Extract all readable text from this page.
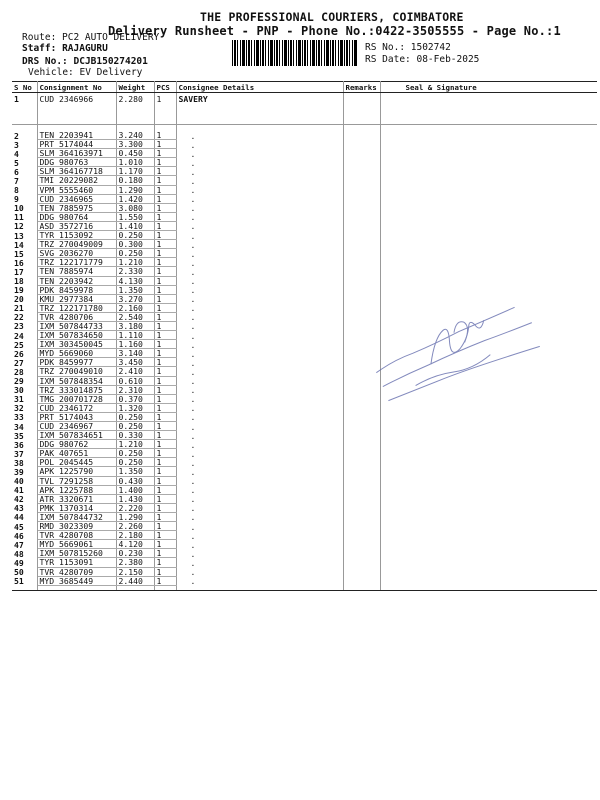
THE PROFESSIONAL COURIERS, COIMBATORE
Delivery Runsheet - PNP - Phone No.:0422-3505555 - Page No.:1
Route: PC2 AUTO DELIVERY
Staff: RAJAGURU
DRS No.: DCJB150274201
Vehicle: EV Delivery
RS No.: 1502742
RS Date: 08-Feb-2025
S No	Consignment No	Weight	PCS	Consignee Details	Remarks	Seal & Signature
1	CUD 2346966	2.280	1	SAVERY		

2	TEN 2203941	3.240	1	.		
3	PRT 5174044	3.300	1	.		
4	SLM 364163971	0.450	1	.		
5	DDG 980763	1.010	1	.		
6	SLM 364167718	1.170	1	.		
7	TMI 20229082	0.180	1	.		
8	VPM 5555460	1.290	1	.		
9	CUD 2346965	1.420	1	.		
10	TEN 7885975	3.080	1	.		
11	DDG 980764	1.550	1	.		
12	ASD 3572716	1.410	1	.		
13	TYR 1153092	0.250	1	.		
14	TRZ 270049009	0.300	1	.		
15	SVG 2036270	0.250	1	.		
16	TRZ 122171779	1.210	1	.		
17	TEN 7885974	2.330	1	.		
18	TEN 2203942	4.130	1	.		
19	PDK 8459978	1.350	1	.		
20	KMU 2977384	3.270	1	.		
21	TRZ 122171780	2.160	1	.		
22	TVR 4280706	2.540	1	.		
23	IXM 507844733	3.180	1	.		
24	IXM 507834650	1.110	1	.		
25	IXM 303450045	1.160	1	.		
26	MYD 5669060	3.140	1	.		
27	PDK 8459977	3.450	1	.		
28	TRZ 270049010	2.410	1	.		
29	IXM 507848354	0.610	1	.		
30	TRZ 333014875	2.310	1	.		
31	TMG 200701728	0.370	1	.		
32	CUD 2346172	1.320	1	.		
33	PRT 5174043	0.250	1	.		
34	CUD 2346967	0.250	1	.		
35	IXM 507834651	0.330	1	.		
36	DDG 980762	1.210	1	.		
37	PAK 407651	0.250	1	.		
38	POL 2045445	0.250	1	.		
39	APK 1225790	1.350	1	.		
40	TVL 7291258	0.430	1	.		
41	APK 1225788	1.400	1	.		
42	ATR 3320671	1.430	1	.		
43	PMK 1370314	2.220	1	.		
44	IXM 507844732	1.290	1	.		
45	RMD 3023309	2.260	1	.		
46	TVR 4280708	2.180	1	.		
47	MYD 5669061	4.120	1	.		
48	IXM 507815260	0.230	1	.		
49	TYR 1153091	2.380	1	.		
50	TVR 4280709	2.150	1	.		
51	MYD 3685449	2.440	1	.		
